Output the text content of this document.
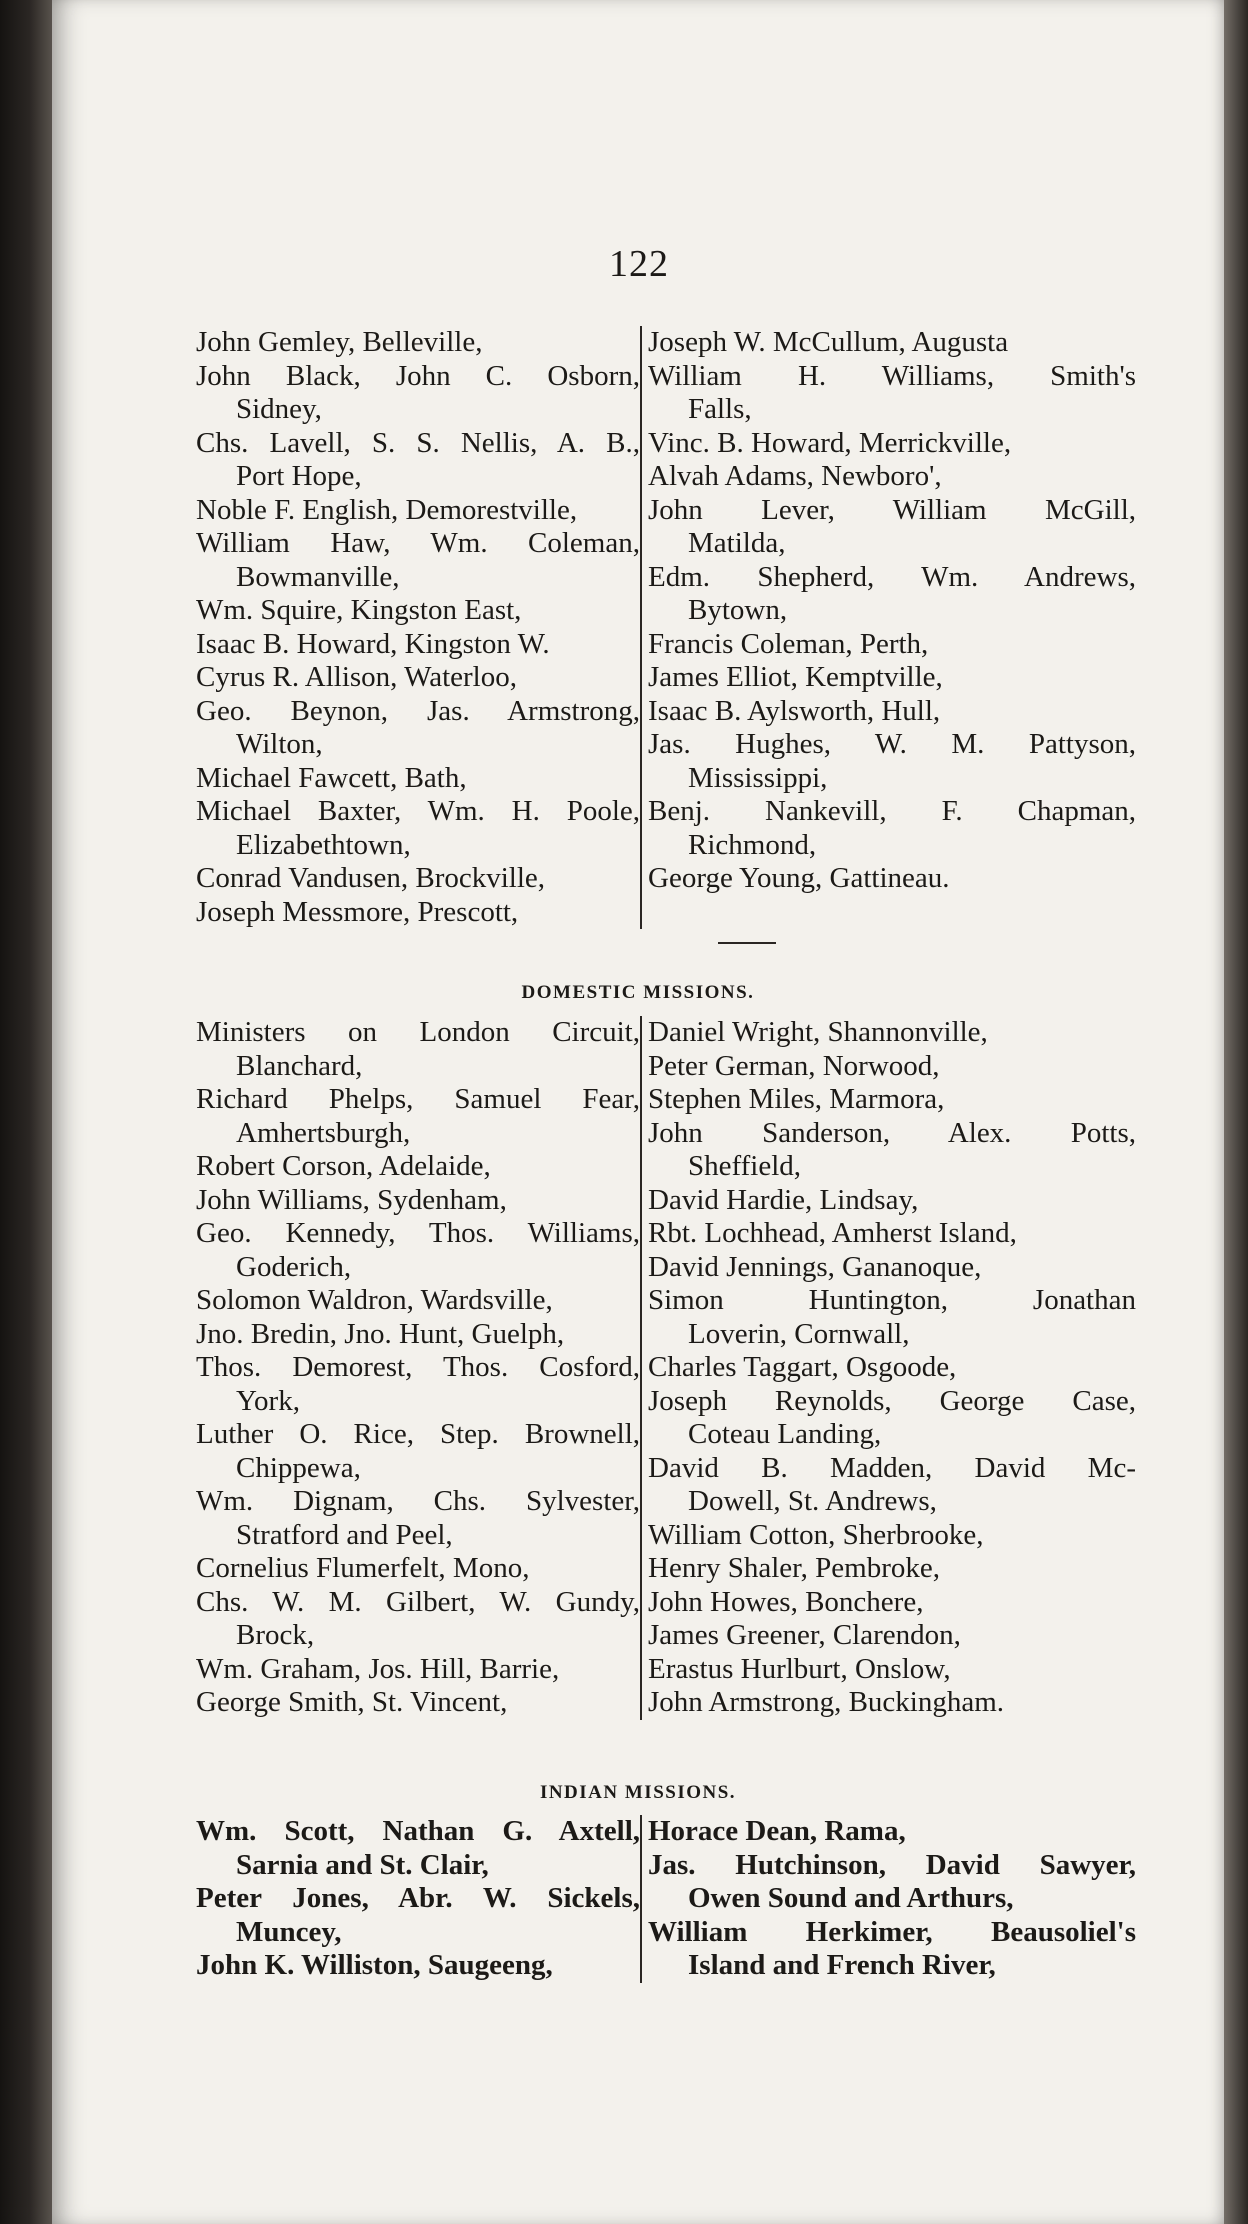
122
John Gemley, Belleville,
John Black, John C. Osborn,
Sidney,
Chs. Lavell, S. S. Nellis, A. B.,
Port Hope,
Noble F. English, Demorestville,
William Haw, Wm. Coleman,
Bowmanville,
Wm. Squire, Kingston East,
Isaac B. Howard, Kingston W.
Cyrus R. Allison, Waterloo,
Geo. Beynon, Jas. Armstrong,
Wilton,
Michael Fawcett, Bath,
Michael Baxter, Wm. H. Poole,
Elizabethtown,
Conrad Vandusen, Brockville,
Joseph Messmore, Prescott,
Joseph W. McCullum, Augusta
William H. Williams, Smith's
Falls,
Vinc. B. Howard, Merrickville,
Alvah Adams, Newboro',
John Lever, William McGill,
Matilda,
Edm. Shepherd, Wm. Andrews,
Bytown,
Francis Coleman, Perth,
James Elliot, Kemptville,
Isaac B. Aylsworth, Hull,
Jas. Hughes, W. M. Pattyson,
Mississippi,
Benj. Nankevill, F. Chapman,
Richmond,
George Young, Gattineau.
DOMESTIC MISSIONS.
Ministers on London Circuit,
Blanchard,
Richard Phelps, Samuel Fear,
Amhertsburgh,
Robert Corson, Adelaide,
John Williams, Sydenham,
Geo. Kennedy, Thos. Williams,
Goderich,
Solomon Waldron, Wardsville,
Jno. Bredin, Jno. Hunt, Guelph,
Thos. Demorest, Thos. Cosford,
York,
Luther O. Rice, Step. Brownell,
Chippewa,
Wm. Dignam, Chs. Sylvester,
Stratford and Peel,
Cornelius Flumerfelt, Mono,
Chs. W. M. Gilbert, W. Gundy,
Brock,
Wm. Graham, Jos. Hill, Barrie,
George Smith, St. Vincent,
Daniel Wright, Shannonville,
Peter German, Norwood,
Stephen Miles, Marmora,
John Sanderson, Alex. Potts,
Sheffield,
David Hardie, Lindsay,
Rbt. Lochhead, Amherst Island,
David Jennings, Gananoque,
Simon Huntington, Jonathan
Loverin, Cornwall,
Charles Taggart, Osgoode,
Joseph Reynolds, George Case,
Coteau Landing,
David B. Madden, David Mc-
Dowell, St. Andrews,
William Cotton, Sherbrooke,
Henry Shaler, Pembroke,
John Howes, Bonchere,
James Greener, Clarendon,
Erastus Hurlburt, Onslow,
John Armstrong, Buckingham.
INDIAN MISSIONS.
Wm. Scott, Nathan G. Axtell,
Sarnia and St. Clair,
Peter Jones, Abr. W. Sickels,
Muncey,
John K. Williston, Saugeeng,
Horace Dean, Rama,
Jas. Hutchinson, David Sawyer,
Owen Sound and Arthurs,
William Herkimer, Beausoliel's
Island and French River,
